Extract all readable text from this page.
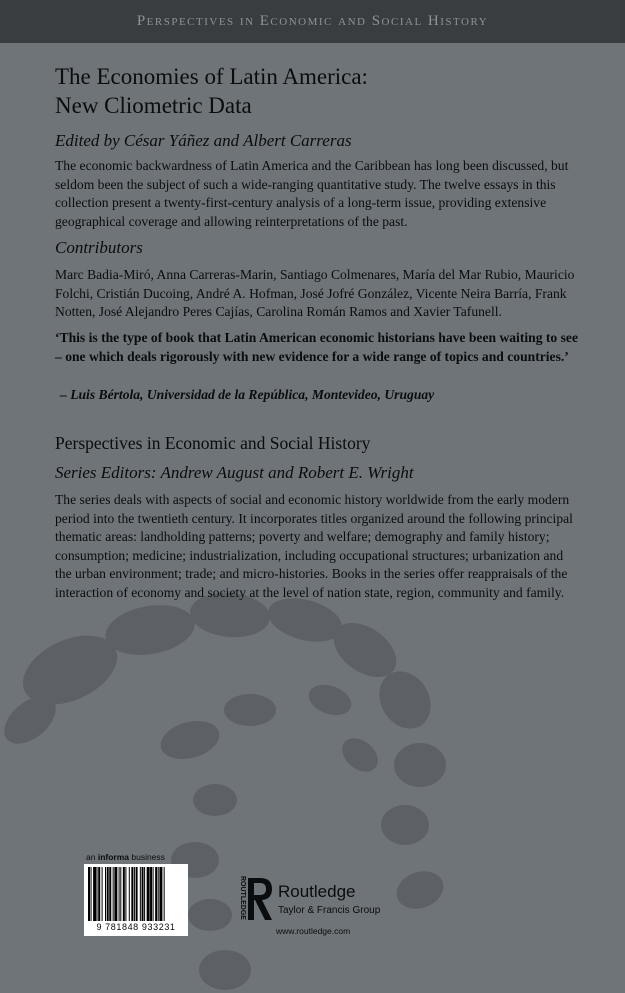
Perspectives in Economic and Social History
The Economies of Latin America:
New Cliometric Data
Edited by César Yáñez and Albert Carreras
The economic backwardness of Latin America and the Caribbean has long been discussed, but seldom been the subject of such a wide-ranging quantitative study. The twelve essays in this collection present a twenty-first-century analysis of a long-term issue, providing extensive geographical coverage and allowing reinterpretations of the past.
Contributors
Marc Badia-Miró, Anna Carreras-Marin, Santiago Colmenares, María del Mar Rubio, Mauricio Folchi, Cristián Ducoing, André A. Hofman, José Jofré González, Vicente Neira Barría, Frank Notten, José Alejandro Peres Cajías, Carolina Román Ramos and Xavier Tafunell.
‘This is the type of book that Latin American economic historians have been waiting to see – one which deals rigorously with new evidence for a wide range of topics and countries.’
– Luis Bértola, Universidad de la República, Montevideo, Uruguay
Perspectives in Economic and Social History
Series Editors: Andrew August and Robert E. Wright
The series deals with aspects of social and economic history worldwide from the early modern period into the twentieth century. It incorporates titles organized around the following principal thematic areas: landholding patterns; poverty and welfare; demography and family history; consumption; medicine; industrialization, including occupational structures; urbanization and the urban environment; trade; and micro-histories. Books in the series offer reappraisals of the interaction of economy and society at the level of nation state, region, community and family.
an informa business
9 781848 933231
ROUTLEDGE Routledge
Taylor & Francis Group
www.routledge.com
